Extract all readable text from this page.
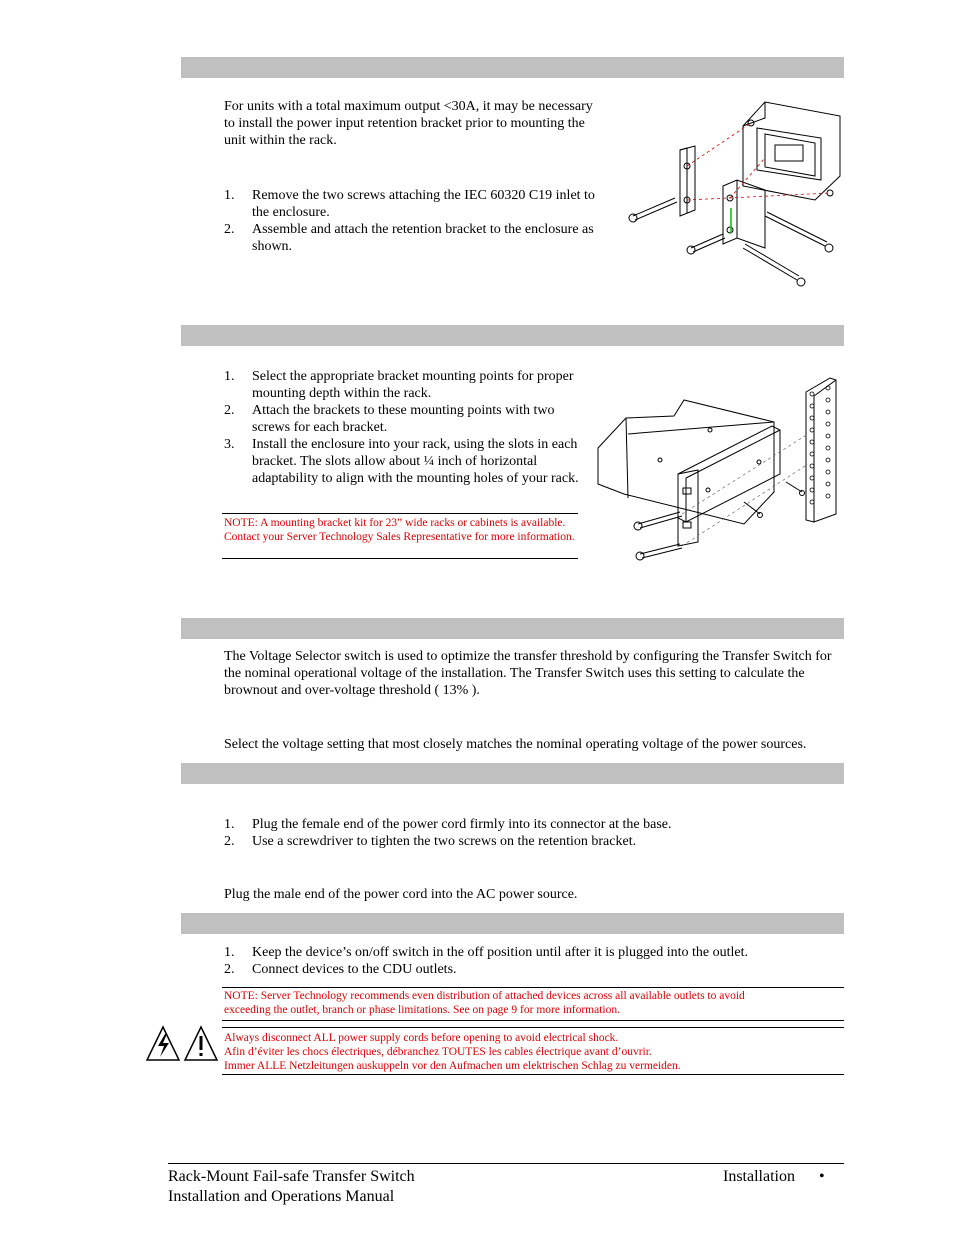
For units with a total maximum output <30A, it may be necessary to install the power input retention bracket prior to mounting the unit within the rack.

1. Remove the two screws attaching the IEC 60320 C19 inlet to the enclosure.
2. Assemble and attach the retention bracket to the enclosure as shown.
1. Select the appropriate bracket mounting points for proper mounting depth within the rack.
2. Attach the brackets to these mounting points with two screws for each bracket.
3. Install the enclosure into your rack, using the slots in each bracket. The slots allow about ¼ inch of horizontal adaptability to align with the mounting holes of your rack.

NOTE: A mounting bracket kit for 23” wide racks or cabinets is available. Contact your Server Technology Sales Representative for more information.

The Voltage Selector switch is used to optimize the transfer threshold by configuring the Transfer Switch for the nominal operational voltage of the installation. The Transfer Switch uses this setting to calculate the brownout and over-voltage threshold ( 13% ).

Select the voltage setting that most closely matches the nominal operating voltage of the power sources.

1. Plug the female end of the power cord firmly into its connector at the base.
2. Use a screwdriver to tighten the two screws on the retention bracket.

Plug the male end of the power cord into the AC power source.

1. Keep the device’s on/off switch in the off position until after it is plugged into the outlet.
2. Connect devices to the CDU outlets.
NOTE: Server Technology recommends even distribution of attached devices across all available outlets to avoid
exceeding the outlet, branch or phase limitations. See on page 9 for more information.
Always disconnect ALL power supply cords before opening to avoid electrical shock.
Afin d’éviter les chocs électriques, débranchez TOUTES les cables électrique avant d’ouvrir.
Immer ALLE Netzleitungen auskuppeln vor den Aufmachen um elektrischen Schlag zu vermeiden.
Rack-Mount Fail-safe Transfer Switch
Installation and Operations Manual
Installation •
